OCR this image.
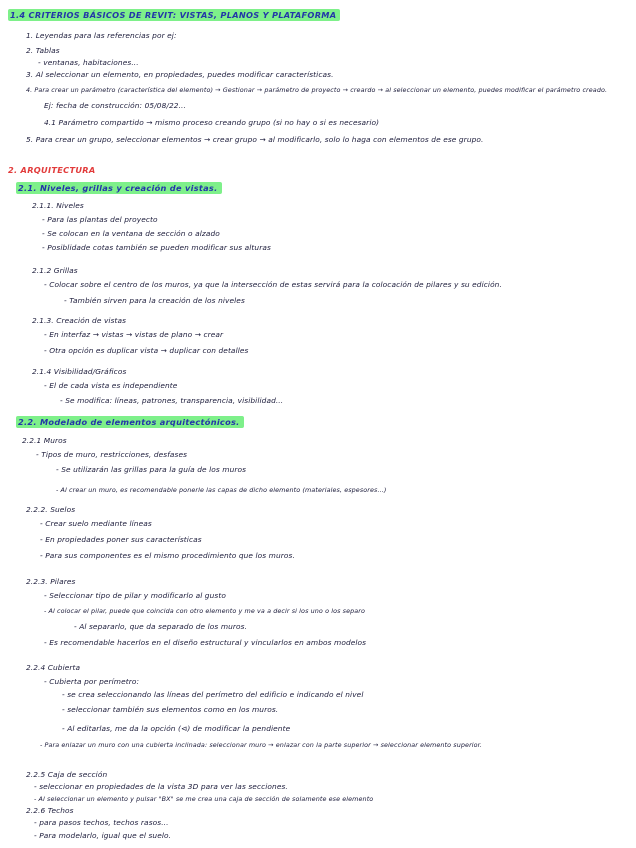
1.4 CRITERIOS BÁSICOS DE REVIT: VISTAS, PLANOS Y PLATAFORMA
1. Leyendas para las referencias por ej:
2. Tablas
- ventanas, habitaciones...
3. Al seleccionar un elemento, en propiedades, puedes modificar características.
4. Para crear un parámetro (característica del elemento) → Gestionar → parámetro de proyecto → creardo → al seleccionar un elemento, puedes modificar el parámetro creado.
Ej: fecha de construcción: 05/08/22...
4.1 Parámetro compartido → mismo proceso creando grupo (si no hay o si es necesario)
5. Para crear un grupo, seleccionar elementos → crear grupo → al modificarlo, solo lo haga con elementos de ese grupo.
2. ARQUITECTURA
2.1. Niveles, grillas y creación de vistas.
2.1.1. Niveles
- Para las plantas del proyecto
- Se colocan en la ventana de sección o alzado
- Posiblidade cotas también se pueden modificar sus alturas
2.1.2 Grillas
- Colocar sobre el centro de los muros, ya que la intersección de estas servirá para la colocación de pilares y su edición.
- También sirven para la creación de los niveles
2.1.3. Creación de vistas
- En interfaz → vistas → vistas de plano → crear
- Otra opción es duplicar vista → duplicar con detalles
2.1.4 Visibilidad/Gráficos
- El de cada vista es independiente
- Se modifica: líneas, patrones, transparencia, visibilidad...
2.2. Modelado de elementos arquitectónicos.
2.2.1 Muros
- Tipos de muro, restricciones, desfases
- Se utilizarán las grillas para la guía de los muros
- Al crear un muro, es recomendable ponerle las capas de dicho elemento (materiales, espesores...)
2.2.2. Suelos
- Crear suelo mediante líneas
- En propiedades poner sus características
- Para sus componentes es el mismo procedimiento que los muros.
2.2.3. Pilares
- Seleccionar tipo de pilar y modificarlo al gusto
- Al colocar el pilar, puede que coincida con otro elemento y me va a decir si los uno o los separo
- Al separarlo, que da separado de los muros.
- Es recomendable hacerlos en el diseño estructural y vincularlos en ambos modelos
2.2.4 Cubierta
- Cubierta por perímetro:
- se crea seleccionando las líneas del perímetro del edificio e indicando el nivel
- seleccionar también sus elementos como en los muros.
- Al editarlas, me da la opción (⊲) de modificar la pendiente
- Para enlazar un muro con una cubierta inclinada: seleccionar muro → enlazar con la parte superior → seleccionar elemento superior.
2.2.5 Caja de sección
- seleccionar en propiedades de la vista 3D para ver las secciones.
- Al seleccionar un elemento y pulsar "BX" se me crea una caja de sección de solamente ese elemento
2.2.6 Techos
- para pasos techos, techos rasos...
- Para modelarlo, igual que el suelo.
